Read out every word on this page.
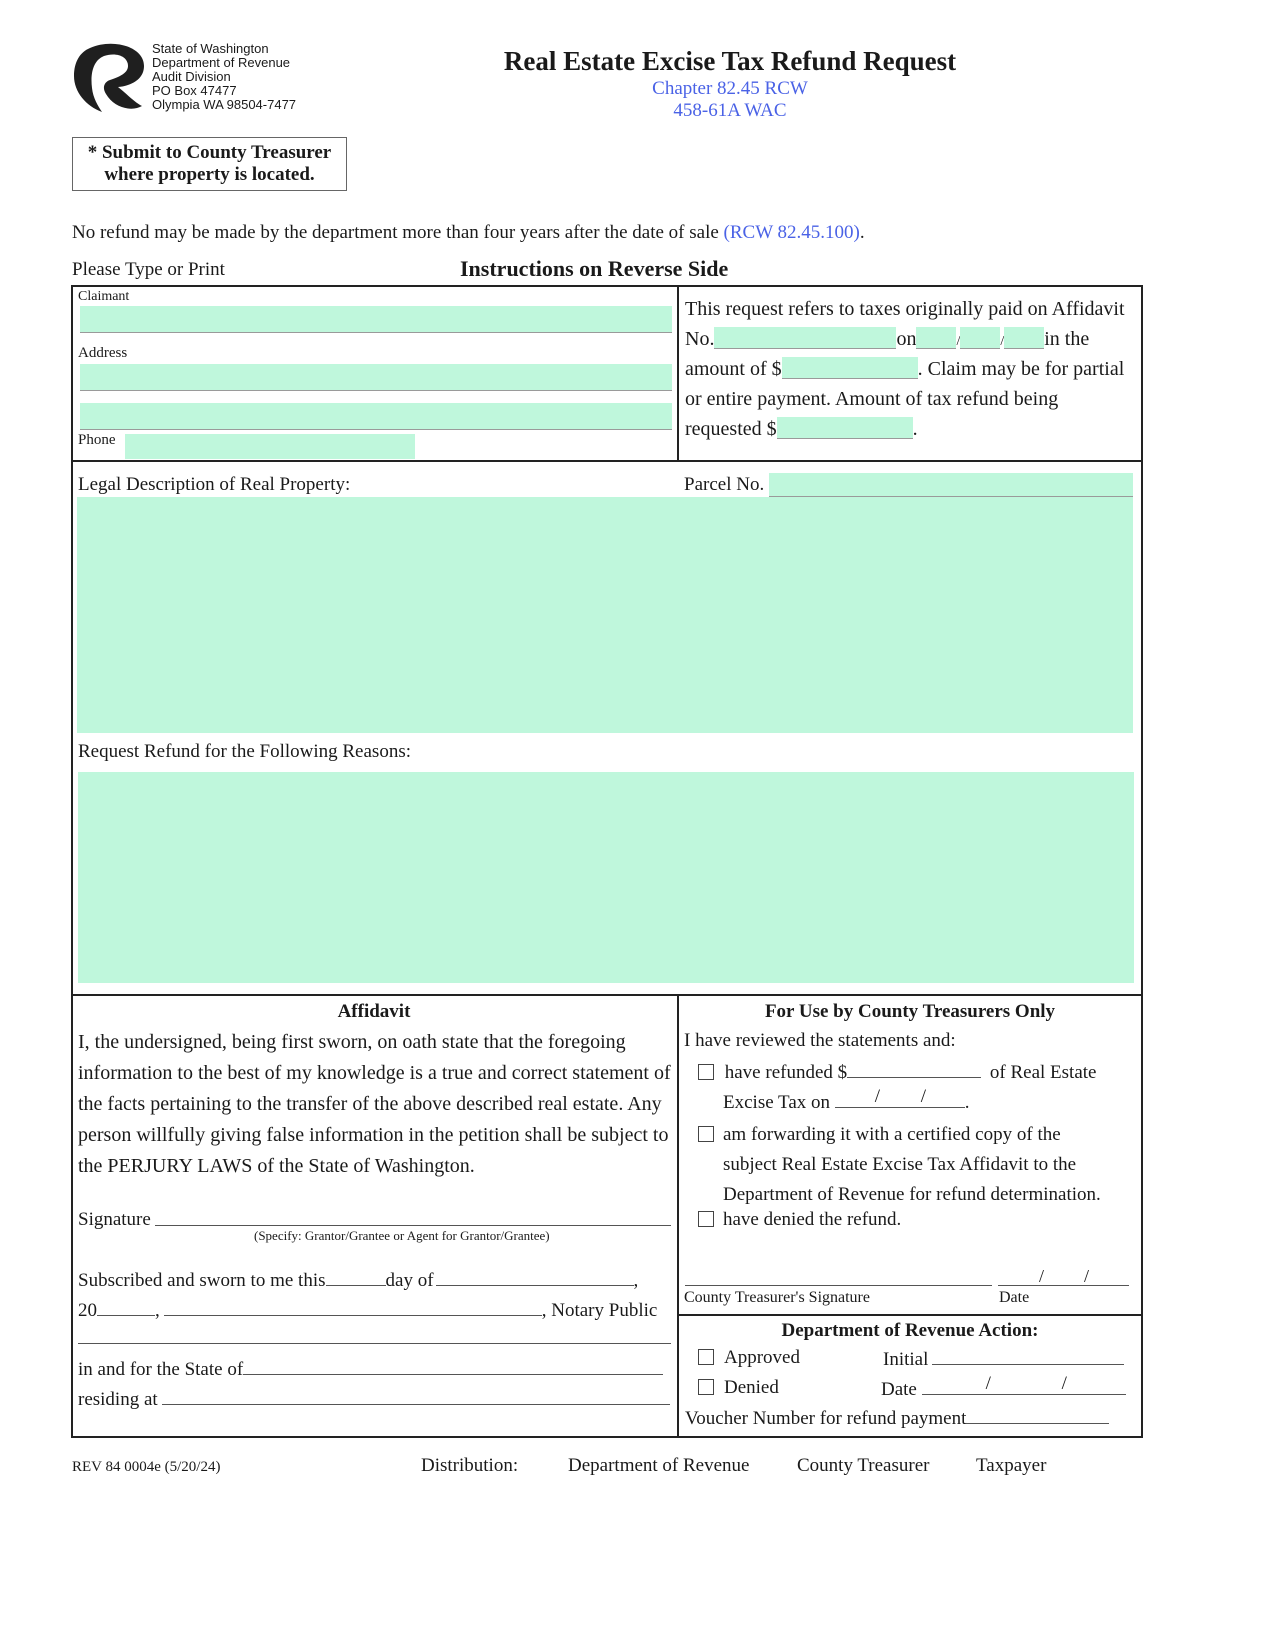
State of Washington
Department of Revenue
Audit Division
PO Box 47477
Olympia WA 98504-7477
Real Estate Excise Tax Refund Request
Chapter 82.45 RCW
458-61A WAC
* Submit to County Treasurer
where property is located.
No refund may be made by the department more than four years after the date of sale (RCW 82.45.100).
Please Type or Print	Instructions on Reverse Side
Claimant
Address
Phone
This request refers to taxes originally paid on Affidavit
No.	on	/	/ in the
amount of $	. Claim may be for partial
or entire payment. Amount of tax refund being
requested $	.
Legal Description of Real Property:	Parcel No.
Request Refund for the Following Reasons:
Affidavit
I, the undersigned, being first sworn, on oath state that the foregoing
information to the best of my knowledge is a true and correct statement of
the facts pertaining to the transfer of the above described real estate. Any
person willfully giving false information in the petition shall be subject to
the PERJURY LAWS of the State of Washington.
Signature
(Specify: Grantor/Grantee or Agent for Grantor/Grantee)
Subscribed and sworn to me this	day of	,
20	,	, Notary Public
in and for the State of
residing at
For Use by County Treasurers Only
I have reviewed the statements and:
have refunded $	of Real Estate
Excise Tax on / / .
am forwarding it with a certified copy of the
subject Real Estate Excise Tax Affidavit to the
Department of Revenue for refund determination.
have denied the refund.
/ /
County Treasurer's Signature	Date
Department of Revenue Action:
Approved	Initial
Denied	Date	/	/
Voucher Number for refund payment
REV 84 0004e (5/20/24)	Distribution:	Department of Revenue	County Treasurer Taxpayer
